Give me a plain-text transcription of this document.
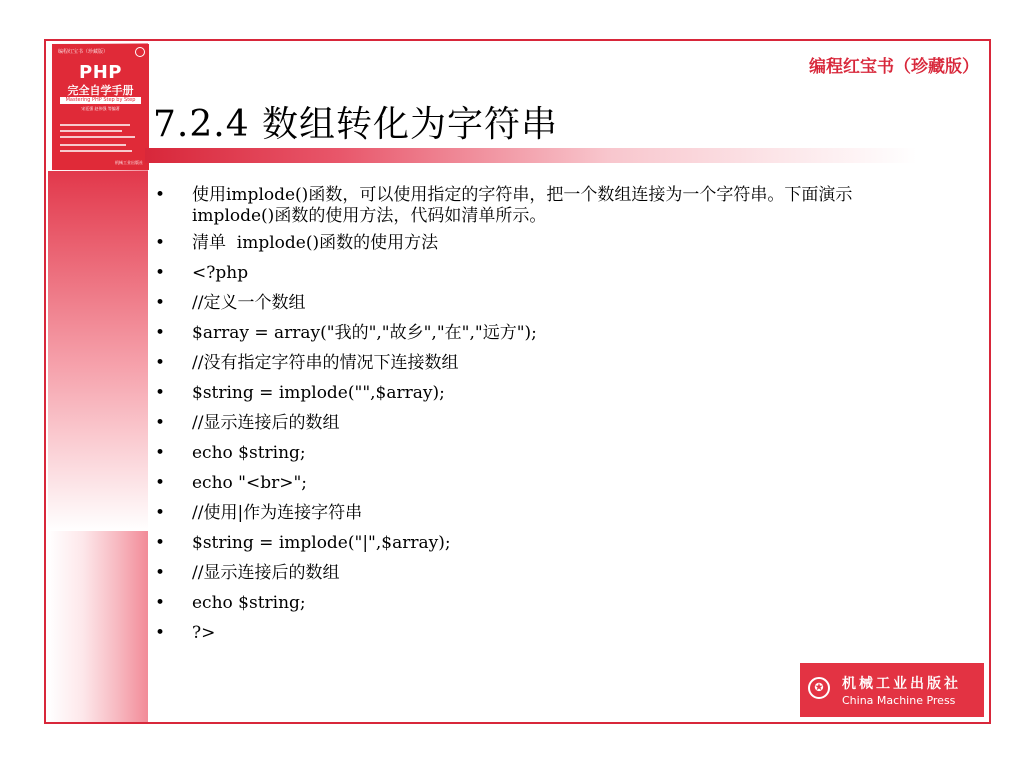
编程红宝书（珍藏版）
PHP
完全自学手册
Mastering PHP Step by Step
宋廷强 赵伟强 等编著
机械工业出版社
编程红宝书（珍藏版）
7.2.4 数组转化为字符串
• 使用implode()函数，可以使用指定的字符串，把一个数组连接为一个字符串。下面演示implode()函数的使用方法，代码如清单所示。
• 清单  implode()函数的使用方法
• <?php
• //定义一个数组
• $array = array("我的","故乡","在","远方");
• //没有指定字符串的情况下连接数组
• $string = implode("",$array);
• //显示连接后的数组
• echo $string;
• echo "<br>";
• //使用|作为连接字符串
• $string = implode("|",$array);
• //显示连接后的数组
• echo $string;
• ?>
✪	机械工业出版社
China Machine Press
